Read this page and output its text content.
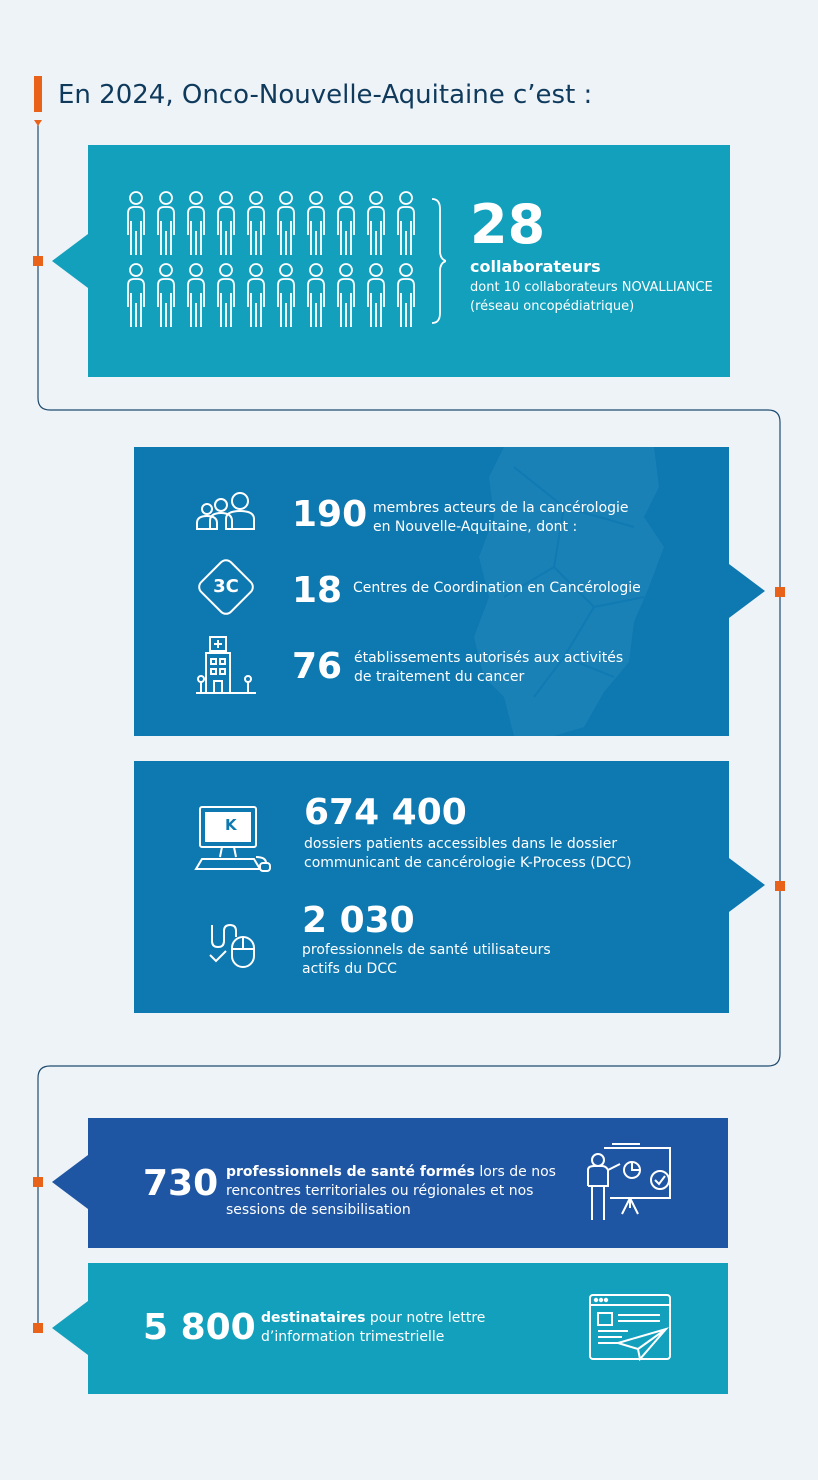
En 2024, Onco-Nouvelle-Aquitaine c’est :
28
collaborateurs
dont 10 collaborateurs NOVALLIANCE
(réseau oncopédiatrique)
190 membres acteurs de la cancérologie
en Nouvelle-Aquitaine, dont :
3C 18 Centres de Coordination en Cancérologie
76 établissements autorisés aux activités
de traitement du cancer
K 674 400
dossiers patients accessibles dans le dossier
communicant de cancérologie K-Process (DCC)
2 030
professionnels de santé utilisateurs
actifs du DCC
730 professionnels de santé formés lors de nos
rencontres territoriales ou régionales et nos
sessions de sensibilisation
5 800 destinataires pour notre lettre
d’information trimestrielle
